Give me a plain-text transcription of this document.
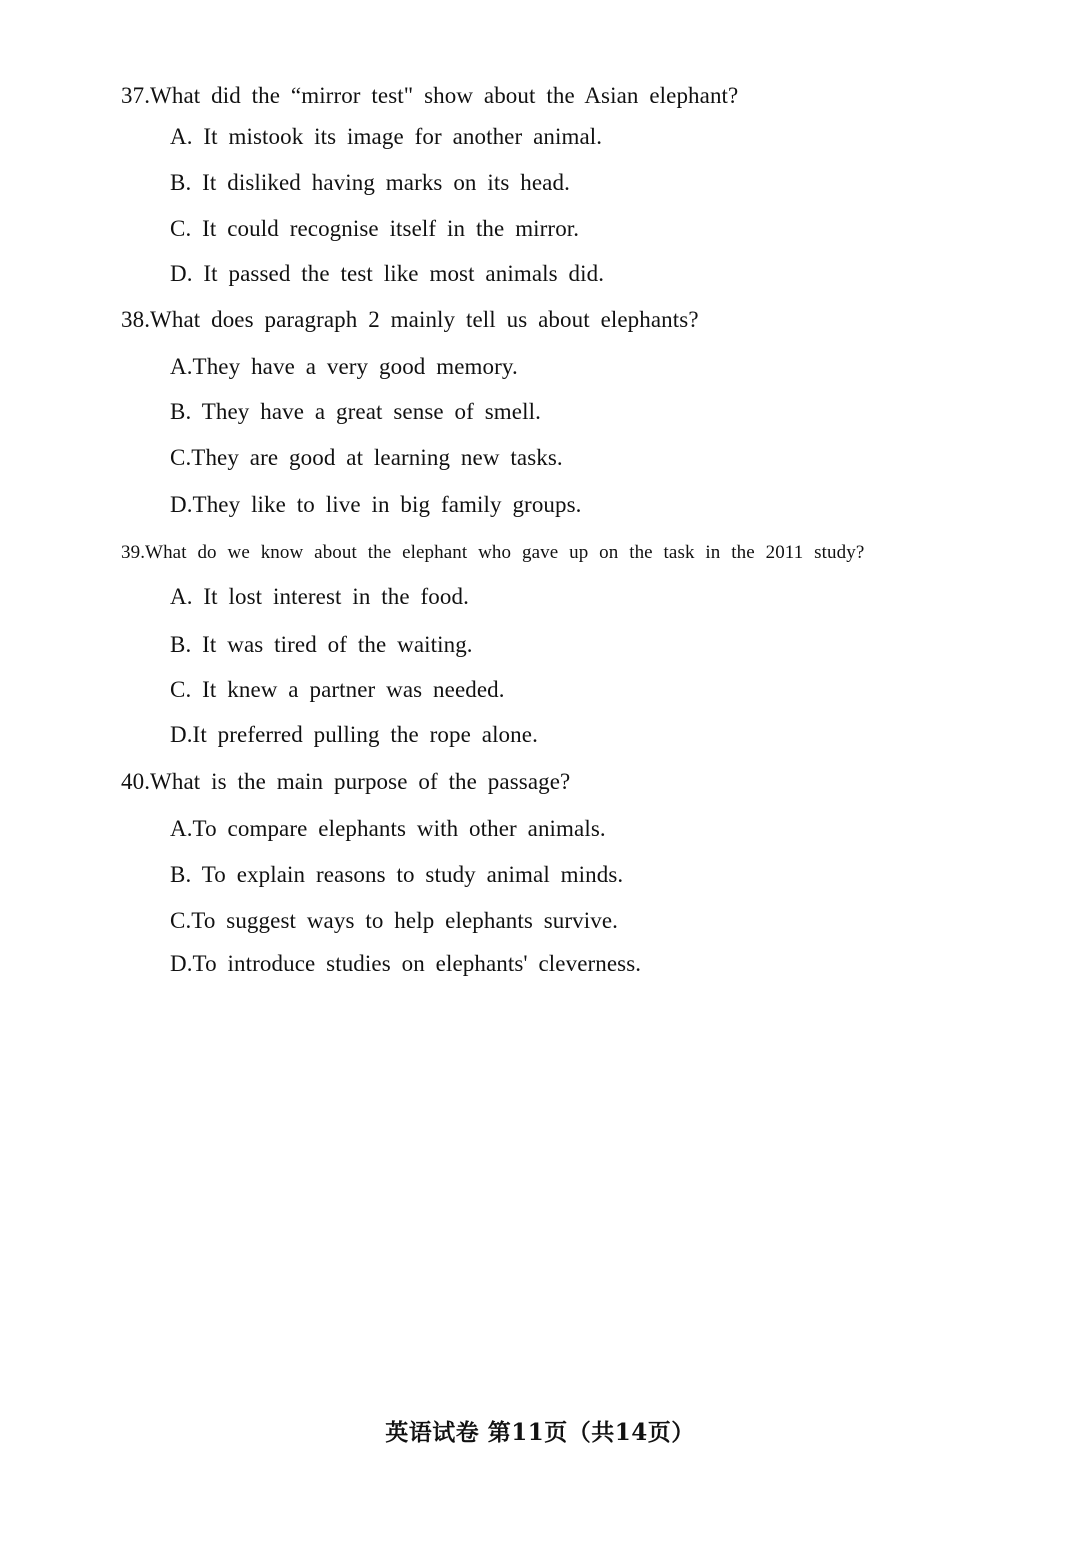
37.What did the “mirror test" show about the Asian elephant?
A. It mistook its image for another animal.
B. It disliked having marks on its head.
C. It could recognise itself in the mirror.
D. It passed the test like most animals did.
38.What does paragraph 2 mainly tell us about elephants?
A.They have a very good memory.
B. They have a great sense of smell.
C.They are good at learning new tasks.
D.They like to live in big family groups.
39.What do we know about the elephant who gave up on the task in the 2011 study?
A. It lost interest in the food.
B. It was tired of the waiting.
C. It knew a partner was needed.
D.It preferred pulling the rope alone.
40.What is the main purpose of the passage?
A.To compare elephants with other animals.
B. To explain reasons to study animal minds.
C.To suggest ways to help elephants survive.
D.To introduce studies on elephants' cleverness.
英语试卷 第11页（共14页）
